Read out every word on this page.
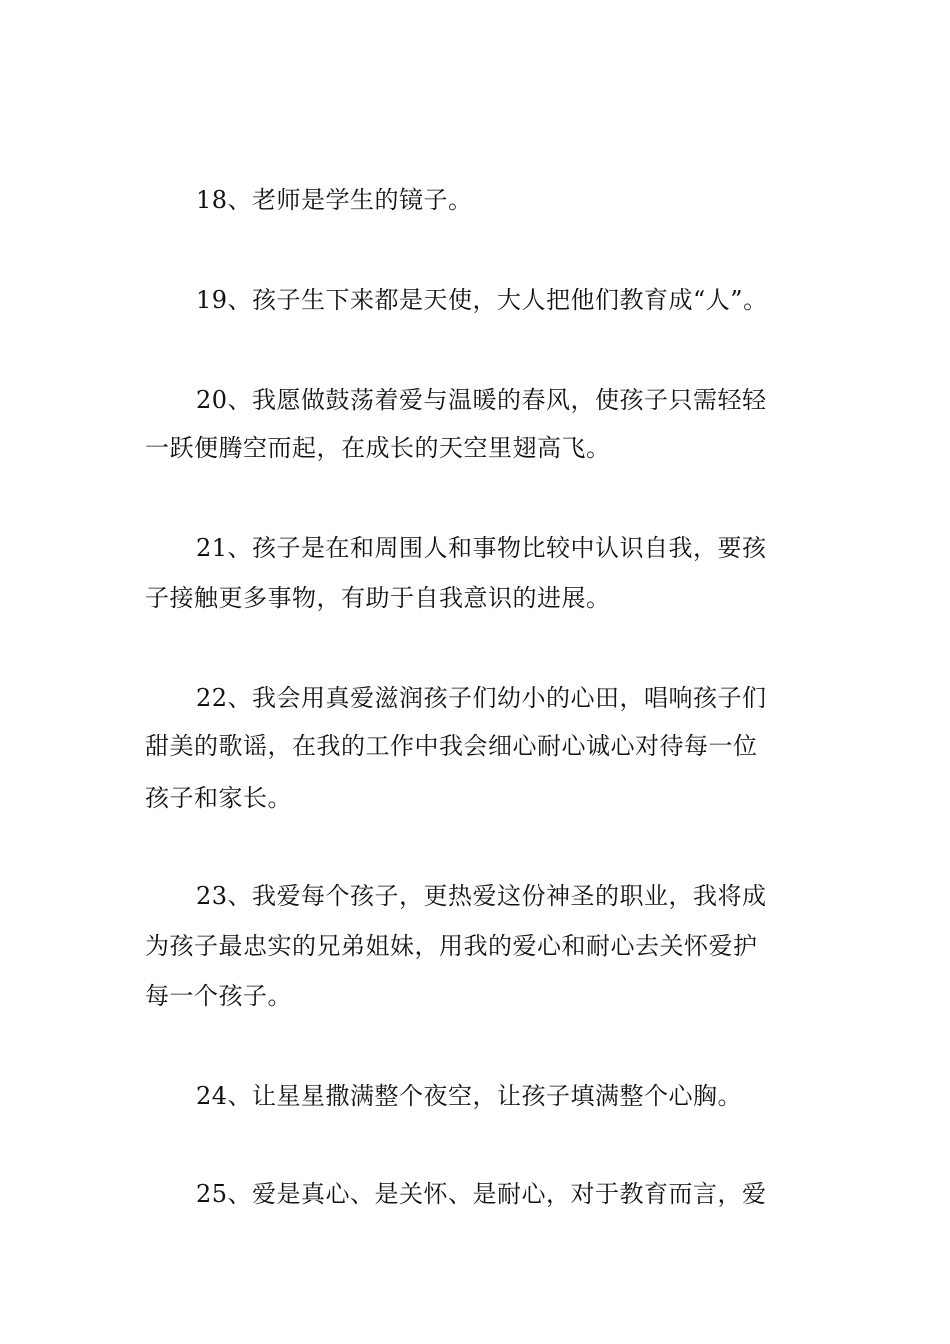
18、老师是学生的镜子。
19、孩子生下来都是天使，大人把他们教育成“人”。
20、我愿做鼓荡着爱与温暖的春风，使孩子只需轻轻
一跃便腾空而起，在成长的天空里翅高飞。
21、孩子是在和周围人和事物比较中认识自我，要孩
子接触更多事物，有助于自我意识的进展。
22、我会用真爱滋润孩子们幼小的心田，唱响孩子们
甜美的歌谣，在我的工作中我会细心耐心诚心对待每一位
孩子和家长。
23、我爱每个孩子，更热爱这份神圣的职业，我将成
为孩子最忠实的兄弟姐妹，用我的爱心和耐心去关怀爱护
每一个孩子。
24、让星星撒满整个夜空，让孩子填满整个心胸。
25、爱是真心、是关怀、是耐心，对于教育而言，爱
